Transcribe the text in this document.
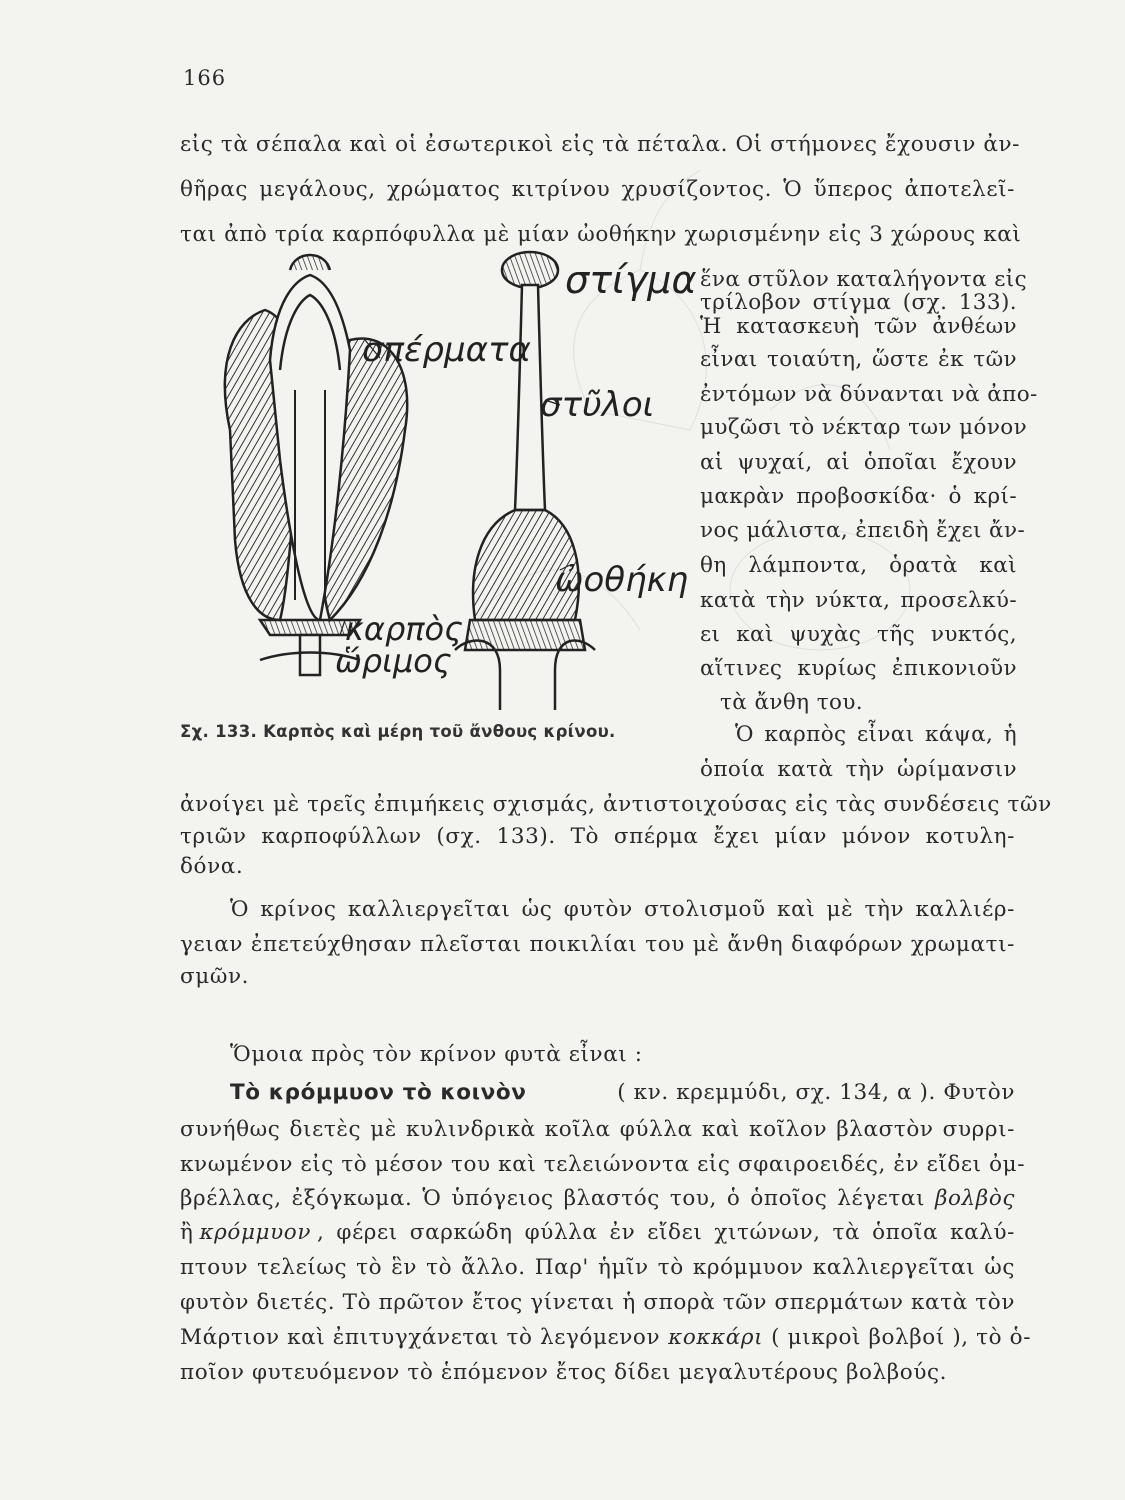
166
εἰς τὰ σέπαλα καὶ οἱ ἐσωτερικοὶ εἰς τὰ πέταλα. Οἱ στήμονες ἔχουσιν ἀν-
θῆρας μεγάλους, χρώματος κιτρίνου χρυσίζοντος. Ὁ ὕπερος ἀποτελεῖ-
ται ἀπὸ τρία καρπόφυλλα μὲ μίαν ὠοθήκην χωρισμένην εἰς 3 χώρους καὶ
ἕνα στῦλον καταλήγοντα εἰς
τρίλοβον στίγμα (σχ. 133).
Ἡ κατασκευὴ τῶν ἀνθέων
εἶναι τοιαύτη, ὥστε ἐκ τῶν
ἐντόμων νὰ δύνανται νὰ ἀπο-
μυζῶσι τὸ νέκταρ των μόνον
αἱ ψυχαί, αἱ ὁποῖαι ἔχουν
μακρὰν προβοσκίδα· ὁ κρί-
νος μάλιστα, ἐπειδὴ ἔχει ἄν-
θη λάμποντα, ὁρατὰ καὶ
κατὰ τὴν νύκτα, προσελκύ-
ει καὶ ψυχὰς τῆς νυκτός,
αἵτινες κυρίως ἐπικονιοῦν
τὰ ἄνθη του.
Ὁ καρπὸς εἶναι κάψα, ἡ
ὁποία κατὰ τὴν ὡρίμανσιν
στίγμα
σπέρματα
στῦλοι
ὠοθήκη
καρπὸς
ὥριμος
Σχ. 133. Καρπὸς καὶ μέρη τοῦ ἄνθους κρίνου.
ἀνοίγει μὲ τρεῖς ἐπιμήκεις σχισμάς, ἀντιστοιχούσας εἰς τὰς συνδέσεις τῶν
τριῶν καρποφύλλων (σχ. 133). Τὸ σπέρμα ἔχει μίαν μόνον κοτυλη-
δόνα.
Ὁ κρίνος καλλιεργεῖται ὡς φυτὸν στολισμοῦ καὶ μὲ τὴν καλλιέρ-
γειαν ἐπετεύχθησαν πλεῖσται ποικιλίαι του μὲ ἄνθη διαφόρων χρωματι-
σμῶν.
Ὅμοια πρὸς τὸν κρίνον φυτὰ εἶναι :
Τὸ κρόμμυον τὸ κοινὸν	( κν. κρεμμύδι, σχ. 134, α ). Φυτὸν
συνήθως διετὲς μὲ κυλινδρικὰ κοῖλα φύλλα καὶ κοῖλον βλαστὸν συρρι-
κνωμένον εἰς τὸ μέσον του καὶ τελειώνοντα εἰς σφαιροειδές, ἐν εἴδει ὀμ-
βρέλλας, ἐξόγκωμα. Ὁ ὑπόγειος βλαστός του, ὁ ὁποῖος λέγεται βολβὸς
ἢ κρόμμυον , φέρει σαρκώδη φύλλα ἐν εἴδει χιτώνων, τὰ ὁποῖα καλύ-
πτουν τελείως τὸ ἓν τὸ ἄλλο. Παρ' ἡμῖν τὸ κρόμμυον καλλιεργεῖται ὡς
φυτὸν διετές. Τὸ πρῶτον ἔτος γίνεται ἡ σπορὰ τῶν σπερμάτων κατὰ τὸν
Μάρτιον καὶ ἐπιτυγχάνεται τὸ λεγόμενον κοκκάρι ( μικροὶ βολβοί ), τὸ ὁ-
ποῖον φυτευόμενον τὸ ἑπόμενον ἔτος δίδει μεγαλυτέρους βολβούς.
